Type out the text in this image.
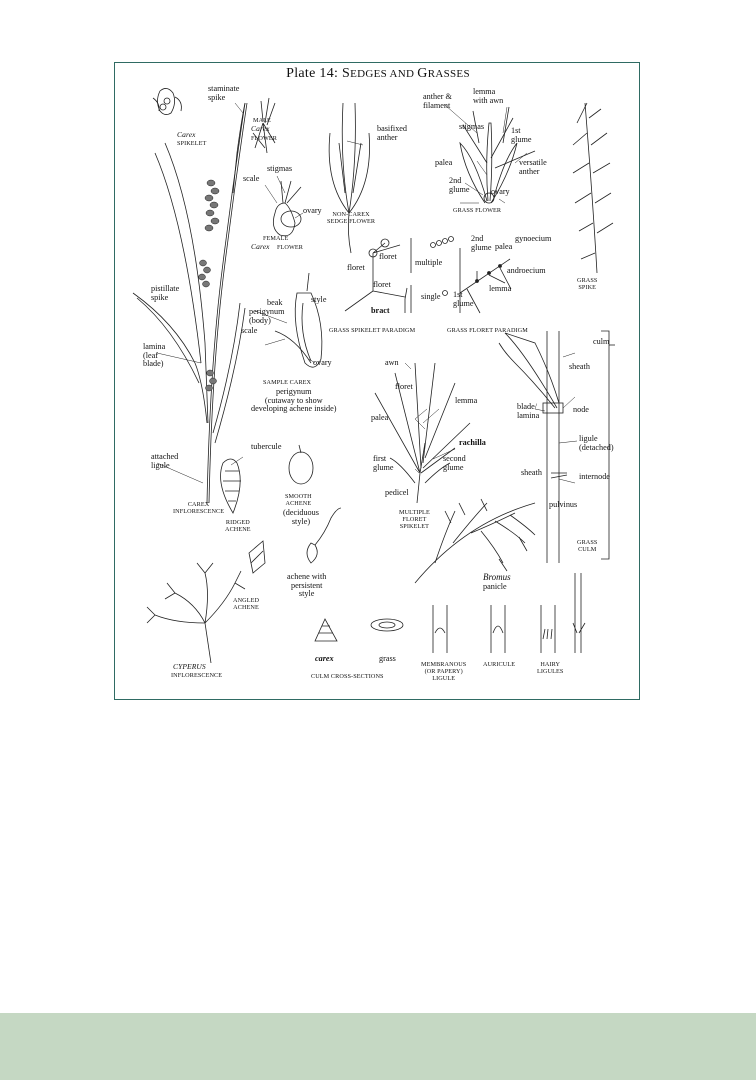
Plate 14: SEDGES AND GRASSES
staminate
spike
Carex
SPIKELET
MALE
Carex
FLOWER
basifixed
anther
NON-CAREX
SEDGE FLOWER
anther &
filament
lemma
with awn
stigmas	1st
glume
palea	versatile
anther
2nd
glume	ovary
GRASS FLOWER
GRASS
SPIKE
stigmas
scale
ovary
FEMALE
Carex FLOWER
floret
floret
multiple
floret
single
bract
GRASS SPIKELET PARADIGM
2nd
glume palea
gynoecium
androecium
lemma
1st
glume
GRASS FLORET PARADIGM
pistillate
spike
beak	style
perigynum
(body)
scale
ovary
SAMPLE CAREX
perigynum
(cutaway to show
developing achene inside)
lamina
(leaf
blade)	awn
floret
lemma
palea
rachilla
first
glume
second
glume
pedicel
MULTIPLE
FLORET
SPIKELET
culm
sheath
blade/
lamina
node
ligule
(detached)
sheath	internode
GRASS
CULM
attached
ligule
tubercule
CAREX
INFLORESCENCE
RIDGED
ACHENE
SMOOTH
ACHENE
(deciduous
style)
achene with
persistent
style
pulvinus
Bromus
panicle
ANGLED
ACHENE
CYPERUS
INFLORESCENCE
carex	grass
CULM CROSS-SECTIONS
MEMBRANOUS
(OR PAPERY)
LIGULE
AURICULE	HAIRY
LIGULES
